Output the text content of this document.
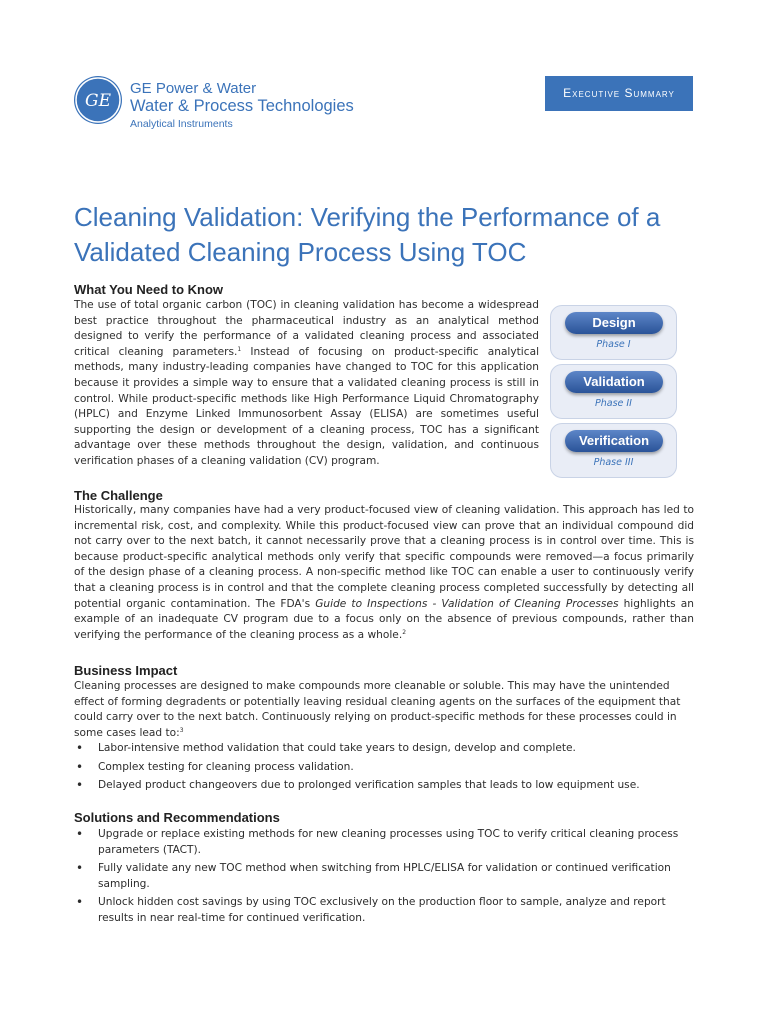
GE
GE Power & Water
Water & Process Technologies
Analytical Instruments
Executive Summary
Cleaning Validation: Verifying the Performance of a Validated Cleaning Process Using TOC
What You Need to Know

The use of total organic carbon (TOC) in cleaning validation has become a widespread best practice throughout the pharmaceutical industry as an analytical method designed to verify the performance of a validated cleaning process and associated critical cleaning parameters.$^1$ Instead of focusing on product-specific analytical methods, many industry-leading companies have changed to TOC for this application because it provides a simple way to ensure that a validated cleaning process is still in control. While product-specific methods like High Performance Liquid Chromatography (HPLC) and Enzyme Linked Immunosorbent Assay (ELISA) are sometimes useful supporting the design or development of a cleaning process, TOC has a significant advantage over these methods throughout the design, validation, and continuous verification phases of a cleaning validation (CV) program.

Design
Phase I
Validation
Phase II
Verification
Phase III
The Challenge

Historically, many companies have had a very product-focused view of cleaning validation. This approach has led to incremental risk, cost, and complexity. While this product-focused view can prove that an individual compound did not carry over to the next batch, it cannot necessarily prove that a cleaning process is in control over time. This is because product-specific analytical methods only verify that specific compounds were removed—a focus primarily of the design phase of a cleaning process. A non-specific method like TOC can enable a user to continuously verify that a cleaning process is in control and that the complete cleaning process completed successfully by detecting all potential organic contamination. The FDA's Guide to Inspections - Validation of Cleaning Processes highlights an example of an inadequate CV program due to a focus only on the absence of previous compounds, rather than verifying the performance of the cleaning process as a whole.$^2$

Business Impact

Cleaning processes are designed to make compounds more cleanable or soluble. This may have the unintended effect of forming degradents or potentially leaving residual cleaning agents on the surfaces of the equipment that could carry over to the next batch. Continuously relying on product-specific methods for these processes could in some cases lead to:$^3$

• Labor-intensive method validation that could take years to design, develop and complete.
• Complex testing for cleaning process validation.
• Delayed product changeovers due to prolonged verification samples that leads to low equipment use.
Solutions and Recommendations
• Upgrade or replace existing methods for new cleaning processes using TOC to verify critical cleaning process parameters (TACT).
• Fully validate any new TOC method when switching from HPLC/ELISA for validation or continued verification sampling.
• Unlock hidden cost savings by using TOC exclusively on the production floor to sample, analyze and report results in near real-time for continued verification.
